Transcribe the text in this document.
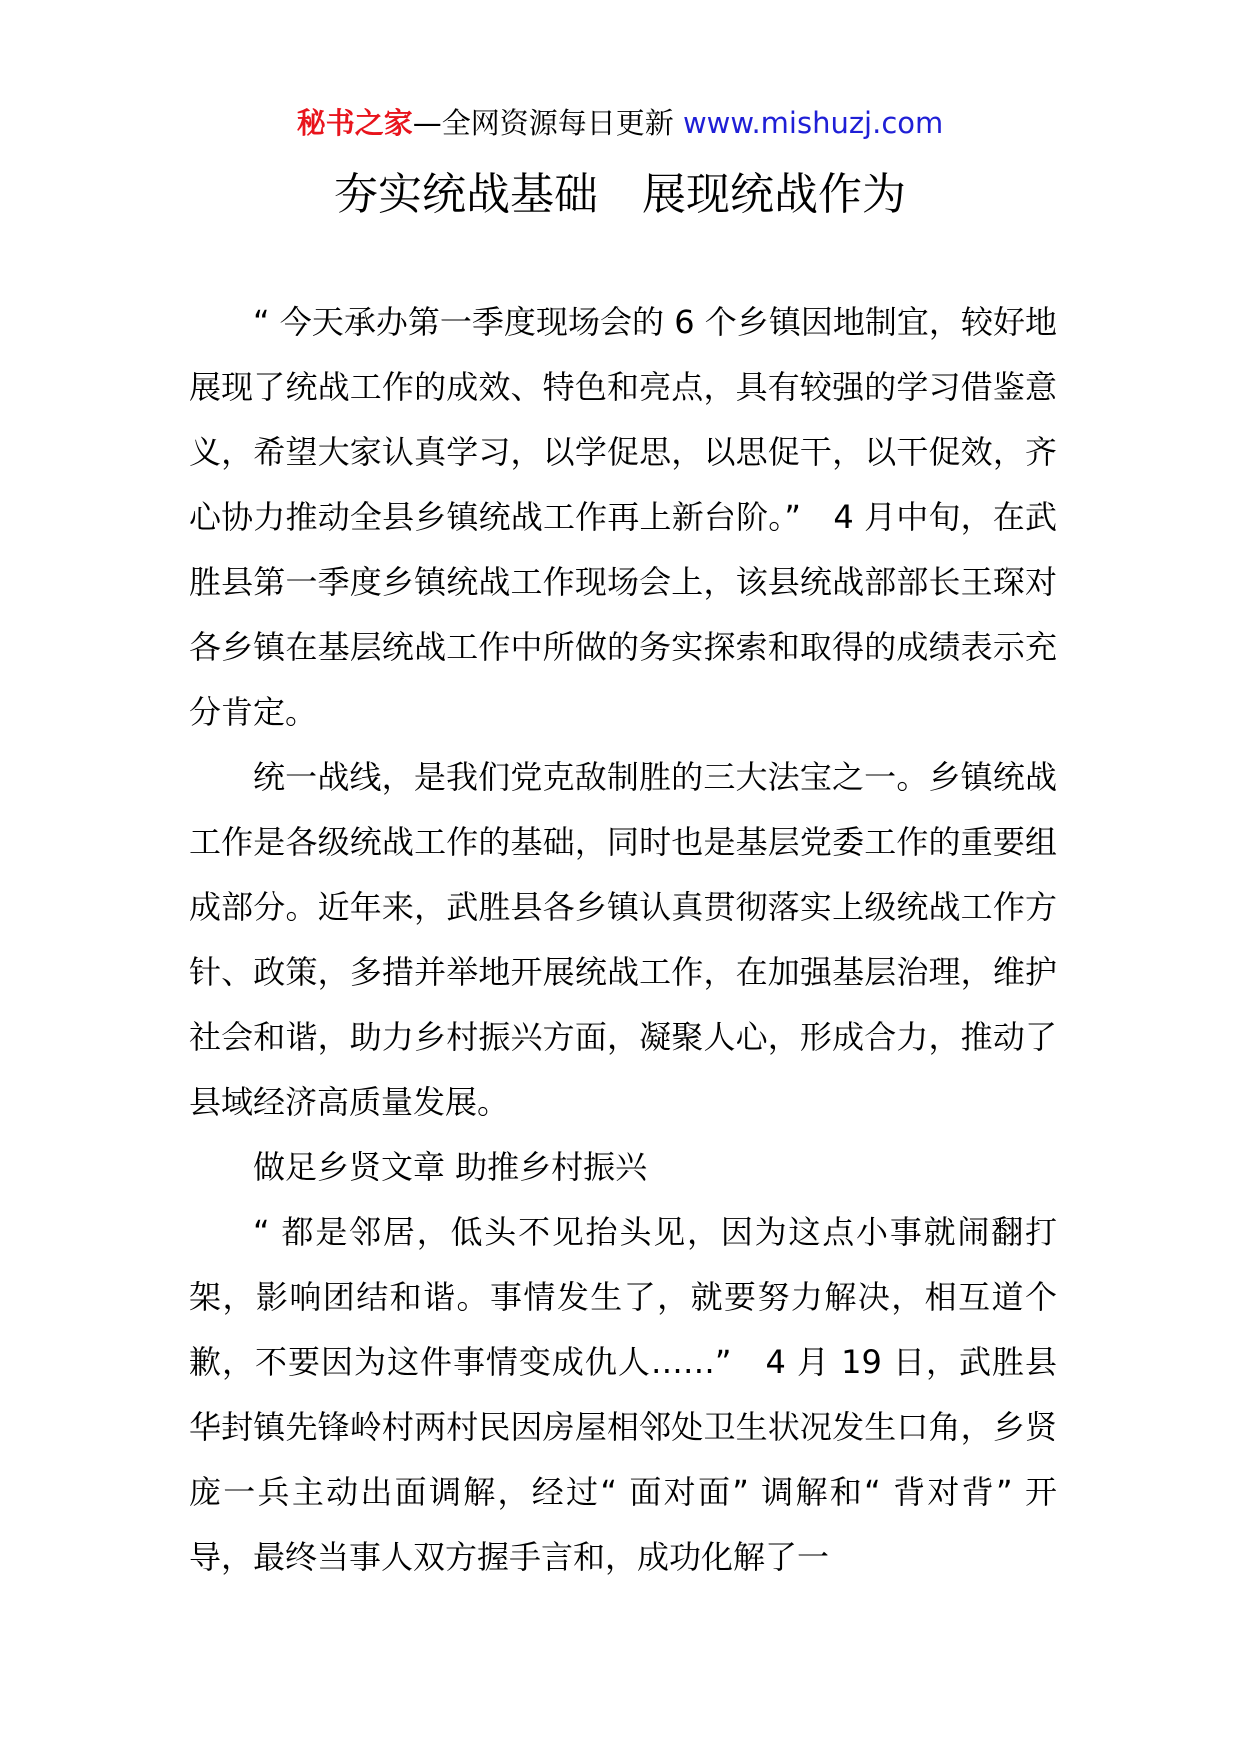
秘书之家—全网资源每日更新 www.mishuzj.com
夯实统战基础　展现统战作为

“ 今天承办第一季度现场会的 6 个乡镇因地制宜，较好地展现了统战工作的成效、特色和亮点，具有较强的学习借鉴意义，希望大家认真学习，以学促思，以思促干，以干促效，齐心协力推动全县乡镇统战工作再上新台阶。”　4 月中旬，在武胜县第一季度乡镇统战工作现场会上，该县统战部部长王琛对各乡镇在基层统战工作中所做的务实探索和取得的成绩表示充分肯定。

统一战线，是我们党克敌制胜的三大法宝之一。乡镇统战工作是各级统战工作的基础，同时也是基层党委工作的重要组成部分。近年来，武胜县各乡镇认真贯彻落实上级统战工作方针、政策，多措并举地开展统战工作，在加强基层治理，维护社会和谐，助力乡村振兴方面，凝聚人心，形成合力，推动了县域经济高质量发展。

做足乡贤文章 助推乡村振兴

“ 都是邻居，低头不见抬头见，因为这点小事就闹翻打架，影响团结和谐。事情发生了，就要努力解决，相互道个歉，不要因为这件事情变成仇人……”　4 月 19 日，武胜县华封镇先锋岭村两村民因房屋相邻处卫生状况发生口角，乡贤庞一兵主动出面调解，经过“ 面对面” 调解和“ 背对背” 开导，最终当事人双方握手言和，成功化解了一
